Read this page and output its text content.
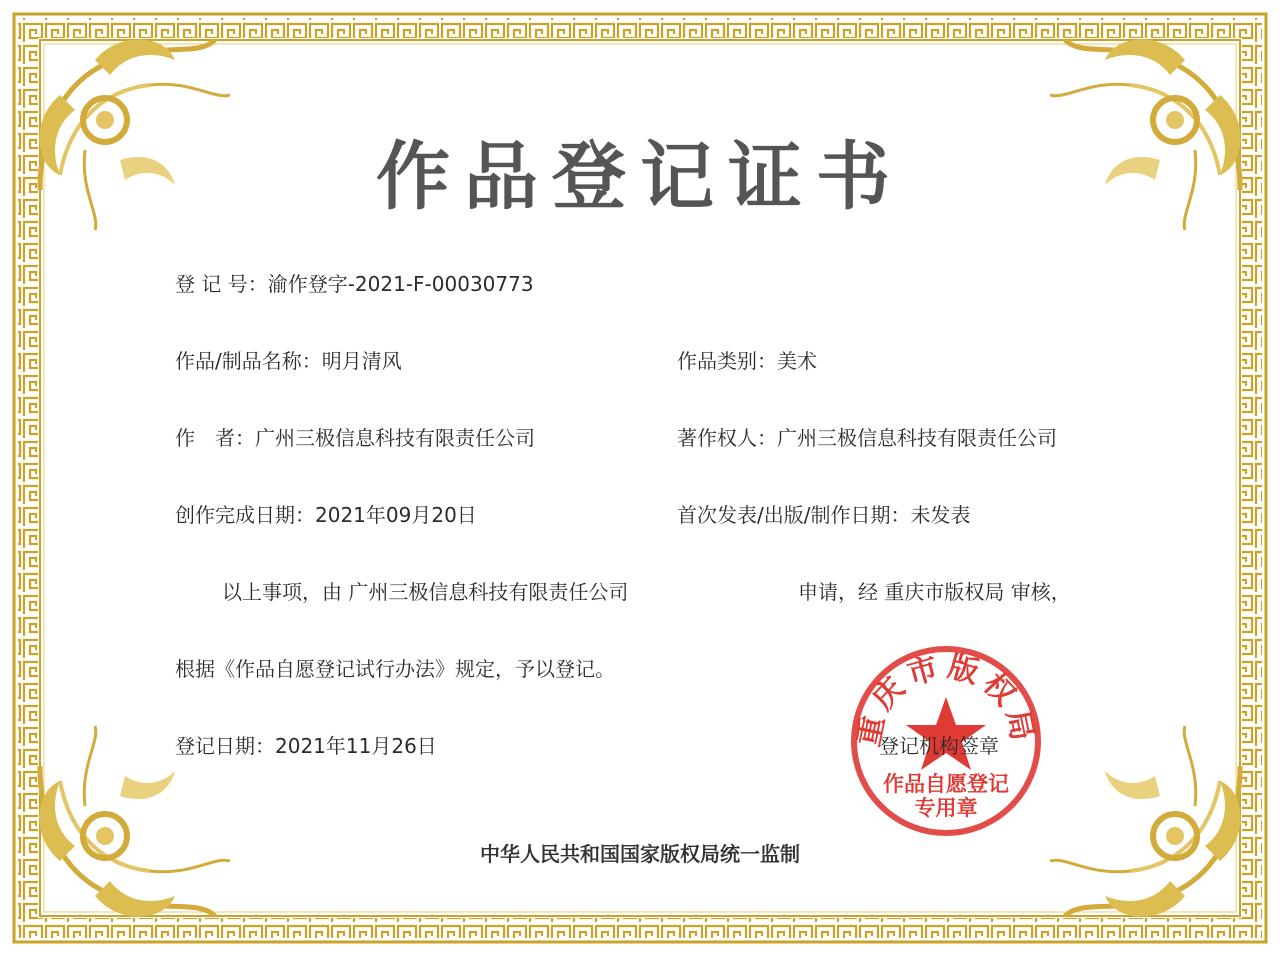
作品登记证书
登 记 号：渝作登字-2021-F-00030773
作品/制品名称：明月清风	作品类别：美术
作　者：广州三极信息科技有限责任公司	著作权人：广州三极信息科技有限责任公司
创作完成日期：2021年09月20日	首次发表/出版/制作日期：未发表
以上事项，由 广州三极信息科技有限责任公司	申请，经 重庆市版权局 审核，
根据《作品自愿登记试行办法》规定，予以登记。
登记日期：2021年11月26日	重庆市版权局
作品自愿登记
专用章
登记机构签章
中华人民共和国国家版权局统一监制
